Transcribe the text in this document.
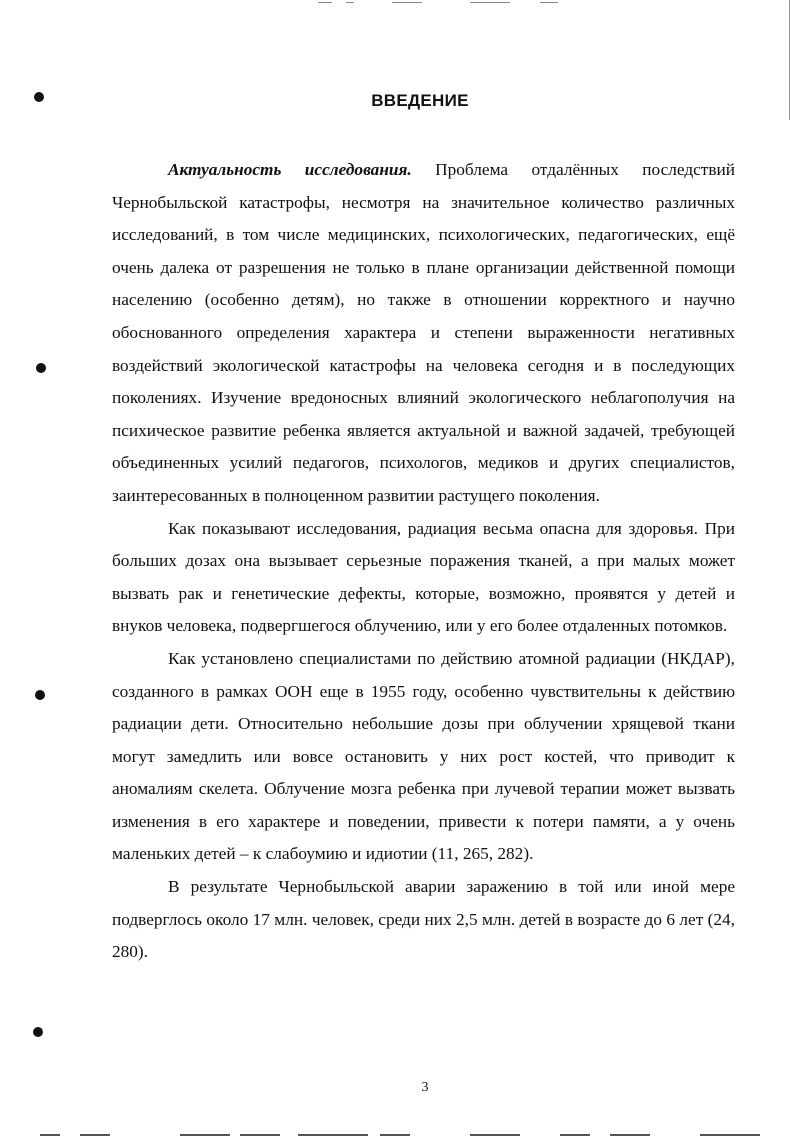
ВВЕДЕНИЕ

Актуальность исследования. Проблема отдалённых последствий Чернобыльской катастрофы, несмотря на значительное количество различных исследований, в том числе медицинских, психологических, педагогических, ещё очень далека от разрешения не только в плане организации действенной помощи населению (особенно детям), но также в отношении корректного и научно обоснованного определения характера и степени выраженности негативных воздействий экологической катастрофы на человека сегодня и в последующих поколениях. Изучение вредоносных влияний экологического неблагополучия на психическое развитие ребенка является актуальной и важной задачей, требующей объединенных усилий педагогов, психологов, медиков и других специалистов, заинтересованных в полноценном развитии растущего поколения.

Как показывают исследования, радиация весьма опасна для здоровья. При больших дозах она вызывает серьезные поражения тканей, а при малых может вызвать рак и генетические дефекты, которые, возможно, проявятся у детей и внуков человека, подвергшегося облучению, или у его более отдаленных потомков.

Как установлено специалистами по действию атомной радиации (НКДАР), созданного в рамках ООН еще в 1955 году, особенно чувствительны к действию радиации дети. Относительно небольшие дозы при облучении хрящевой ткани могут замедлить или вовсе остановить у них рост костей, что приводит к аномалиям скелета. Облучение мозга ребенка при лучевой терапии может вызвать изменения в его характере и поведении, привести к потери памяти, а у очень маленьких детей – к слабоумию и идиотии (11, 265, 282).

В результате Чернобыльской аварии заражению в той или иной мере подверглось около 17 млн. человек, среди них 2,5 млн. детей в возрасте до 6 лет (24, 280).

3
